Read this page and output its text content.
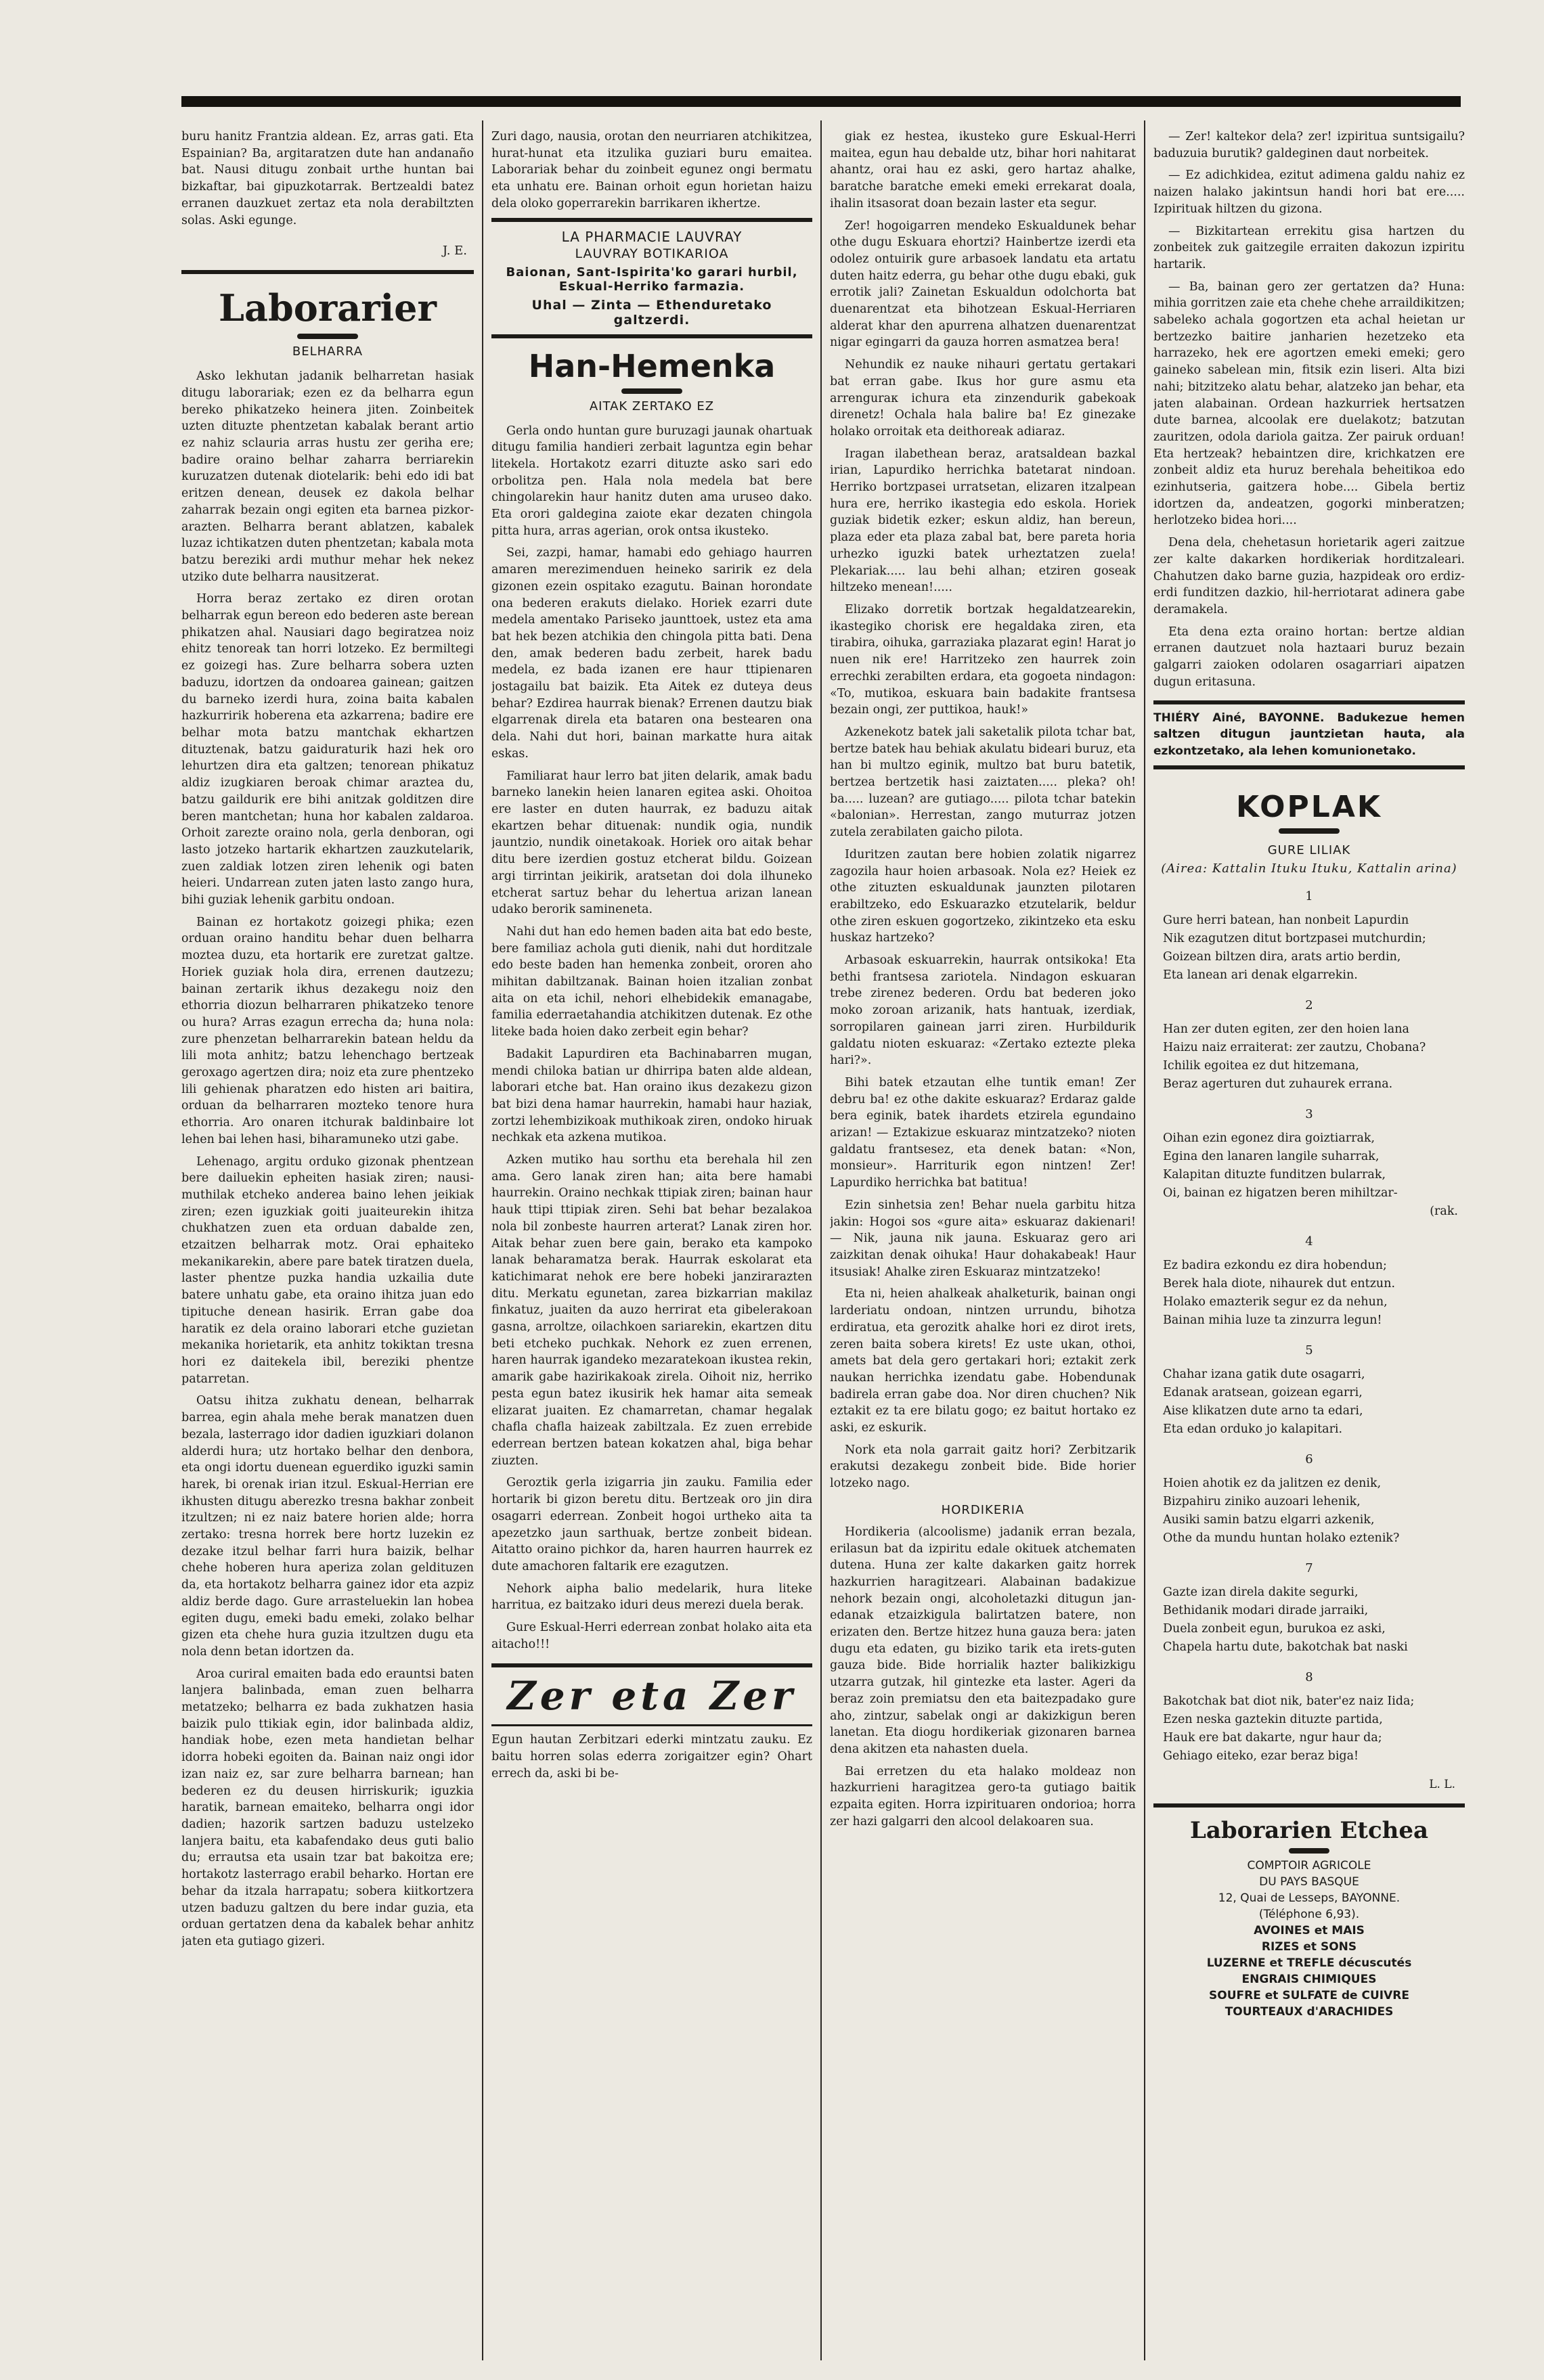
buru hanitz Frantzia aldean. Ez, arras gati. Eta Espainian? Ba, argitaratzen dute han andanaño bat. Nausi ditugu zonbait urthe huntan bai bizkaftar, bai gipuzkotarrak. Bertzealdi batez erranen dauzkuet zertaz eta nola derabiltzten solas. Aski egunge.

J. E.
Laborarier
BELHARRA

Asko lekhutan jadanik belharretan hasiak ditugu laborariak; ezen ez da belharra egun bereko phikatzeko heinera jiten. Zoinbeitek uzten dituzte phentzetan kabalak berant artio ez nahiz sclauria arras hustu zer geriha ere; badire oraino belhar zaharra berriarekin kuruzatzen dutenak diotelarik: behi edo idi bat eritzen denean, deusek ez dakola belhar zaharrak bezain ongi egiten eta barnea pizkor-arazten. Belharra berant ablatzen, kabalek luzaz ichtikatzen duten phentzetan; kabala mota batzu bereziki ardi muthur mehar hek nekez utziko dute belharra nausitzerat.

Horra beraz zertako ez diren orotan belharrak egun bereon edo bederen aste berean phikatzen ahal. Nausiari dago begiratzea noiz ehitz tenoreak tan horri lotzeko. Ez bermiltegi ez goizegi has. Zure belharra sobera uzten baduzu, idortzen da ondoarea gainean; gaitzen du barneko izerdi hura, zoina baita kabalen hazkurririk hoberena eta azkarrena; badire ere belhar mota batzu mantchak ekhartzen dituztenak, batzu gaiduraturik hazi hek oro lehurtzen dira eta galtzen; tenorean phikatuz aldiz izugkiaren beroak chimar araztea du, batzu gaildurik ere bihi anitzak golditzen dire beren mantchetan; huna hor kabalen zaldaroa. Orhoit zarezte oraino nola, gerla denboran, ogi lasto jotzeko hartarik ekhartzen zauzkutelarik, zuen zaldiak lotzen ziren lehenik ogi baten heieri. Undarrean zuten jaten lasto zango hura, bihi guziak lehenik garbitu ondoan.

Bainan ez hortakotz goizegi phika; ezen orduan oraino handitu behar duen belharra moztea duzu, eta hortarik ere zuretzat galtze. Horiek guziak hola dira, errenen dautzezu; bainan zertarik ikhus dezakegu noiz den ethorria diozun belharraren phikatzeko tenore ou hura? Arras ezagun errecha da; huna nola: zure phenzetan belharrarekin batean heldu da lili mota anhitz; batzu lehenchago bertzeak geroxago agertzen dira; noiz eta zure phentzeko lili gehienak pharatzen edo histen ari baitira, orduan da belharraren mozteko tenore hura ethorria. Aro onaren itchurak baldinbaire lot lehen bai lehen hasi, biharamuneko utzi gabe.

Lehenago, argitu orduko gizonak phentzean bere dailuekin epheiten hasiak ziren; nausi-muthilak etcheko anderea baino lehen jeikiak ziren; ezen iguzkiak goiti juaiteurekin ihitza chukhatzen zuen eta orduan dabalde zen, etzaitzen belharrak motz. Orai ephaiteko mekanikarekin, abere pare batek tiratzen duela, laster phentze puzka handia uzkailia dute batere unhatu gabe, eta oraino ihitza juan edo tipituche denean hasirik. Erran gabe doa haratik ez dela oraino laborari etche guzietan mekanika horietarik, eta anhitz tokiktan tresna hori ez daitekela ibil, bereziki phentze patarretan.

Oatsu ihitza zukhatu denean, belharrak barrea, egin ahala mehe berak manatzen duen bezala, lasterrago idor dadien iguzkiari dolanon alderdi hura; utz hortako belhar den denborа, eta ongi idortu duenean eguerdiko iguzki samin harek, bi orenak irian itzul. Eskual-Herrian ere ikhusten ditugu aberezko tresna bakhar zonbeit itzultzen; ni ez naiz batere horien alde; horra zertako: tresna horrek bere hortz luzekin ez dezake itzul belhar farri hura baizik, belhar chehe hoberen hura aperiza zolan geldituzen da, eta hortakotz belharra gainez idor eta azpiz aldiz berde dago. Gure arrasteluekin lan hobea egiten dugu, emeki badu emeki, zolako belhar gizen eta chehe hura guzia itzultzen dugu eta nola denn betan idortzen da.

Aroa curiral emaiten bada edo erauntsi baten lanjera balinbada, eman zuen belharra metatzeko; belharra ez bada zukhatzen hasia baizik pulo ttikiak egin, idor balinbada aldiz, handiak hobe, ezen meta handietan belhar idorra hobeki egoiten da. Bainan naiz ongi idor izan naiz ez, sar zure belharra barnean; han bederen ez du deusen hirriskurik; iguzkia haratik, barnean emaiteko, belharra ongi idor dadien; hazorik sartzen baduzu ustelzeko lanjera baitu, eta kabafendako deus guti balio du; errautsa eta usain tzar bat bakoitza ere; hortakotz lasterrago erabil beharko. Hortan ere behar da itzala harrapatu; sobera kiitkortzera utzen baduzu galtzen du bere indar guzia, eta orduan gertatzen dena da kabalek behar anhitz jaten eta gutiago gizeri.

Zuri dago, nausia, orotan den neurriaren atchikitzea, hurat-hunat eta itzulika guziari buru emaitea. Laborariak behar du zoinbeit egunez ongi bermatu eta unhatu ere. Bainan orhoit egun horietan haizu dela oloko goperrarekin barrikaren ikhertze.

LA PHARMACIE LAUVRAY
LAUVRAY BOTIKARIOA
Baionan, Sant-Ispirita'ko garari hurbil, Eskual-Herriko farmazia.
Uhal — Zinta — Ethenduretako galtzerdi.
Han-Hemenka
AITAK ZERTAKO EZ

Gerla ondo huntan gure buruzagi jaunak ohartuak ditugu familia handieri zerbait laguntza egin behar litekela. Hortakotz ezarri dituzte asko sari edo orbolitza pen. Hala nola medela bat bere chingolarekin haur hanitz duten ama uruseo dako. Eta orori galdegina zaiote ekar dezaten chingola pitta hura, arras agerian, orok ontsa ikusteko.

Sei, zazpi, hamar, hamabi edo gehiago haurren amaren merezimenduen heineko saririk ez dela gizonen ezein ospitako ezagutu. Bainan horondate ona bederen erakuts dielako. Horiek ezarri dute medela amentako Pariseko jaunttoek, ustez eta ama bat hek bezen atchikia den chingola pitta bati. Dena den, amak bederen badu zerbeit, harek badu medela, ez bada izanen ere haur ttipienaren jostagailu bat baizik. Eta Aitek ez duteya deus behar? Ezdirea haurrak bienak? Errenen dautzu biak elgarrenak direla eta bataren ona bestearen ona dela. Nahi dut hori, bainan markatte hura aitak eskas.

Familiarat haur lerro bat jiten delarik, amak badu barnеko lanekin heien lanaren egitea aski. Ohoitoa ere laster en duten haurrak, ez baduzu aitak ekartzen behar dituenak: nundik ogia, nundik jauntzio, nundik oinetakoak. Horiek oro aitak behar ditu bere izerdien gostuz etcherat bildu. Goizean argi tirrintan jeikirik, aratsetan doi dola ilhuneko etcherat sartuz behar du lehertua arizan lanean udako berorik samineneta.

Nahi dut han edo hemen baden aita bat edo beste, bere familiaz acholа guti dienik, nahi dut horditzale edo beste baden han hemenka zonbeit, ororen aho mihitan dabiltzanak. Bainan hoien itzalian zonbat aita on eta ichil, nehori elhebidekik emanagabe, familia ederraetahandia atchikitzen dutenak. Ez othe liteke bada hoien dako zerbeit egin behar?

Badakit Lapurdiren eta Bachinabarren mugan, mendi chiloka batian ur dhirripa baten alde aldean, laborari etche bat. Han oraino ikus dezakezu gizon bat bizi dena hamar haurrekin, hamabi haur haziak, zortzi lehembizikoak muthikoak ziren, ondoko hiruak nechkak eta azkena mutikoa.

Azken mutiko hau sorthu eta berehala hil zen ama. Gero lanak ziren han; aita bere hamabi haurrekin. Oraino nechkak ttipiak ziren; bainan haur hauk ttipi ttipiak ziren. Sehi bat behar bezalakoa nola bil zonbeste haurren arterat? Lanak ziren hor. Aitak behar zuen bere gain, berako eta kampoko lanak beharamatza berak. Haurrak eskolarat eta katichimarat nehok ere bere hobeki janzirarazten ditu. Merkatu egunetan, zarea bizkarrian makilaz finkatuz, juaiten da auzo herrirat eta gibelerakoan gasna, arroltze, oilachkoen sariarekin, ekartzen ditu beti etcheko puchkak. Nehork ez zuen errenen, haren haurrak igandeko mezaratekoan ikustea rekin, amarik gabe hazirikakoak zirela. Oihoit niz, herriko pesta egun batez ikusirik hek hamar aita semeak elizarat juaiten. Ez chamarretan, chamar hegalak chafla chafla haizeak zabiltzala. Ez zuen errebide ederrean bertzen batean kokatzen ahal, biga behar ziuzten.

Geroztik gerla izigarria jin zauku. Familia eder hortarik bi gizon beretu ditu. Bertzeak oro jin dira osagarri ederrean. Zonbeit hogoi urtheko aita ta apezetzko jaun sarthuak, bertze zonbeit bidean. Aitatto oraino pichkor da, haren haurren haurrek ez dute amachoren faltarik ere ezagutzen.

Nehork aipha balio medelarik, hura liteke harritua, ez baitzako iduri deus merezi duela berak.

Gure Eskual-Herri ederrean zonbat holako aita eta aitacho!!!

Zer eta Zer

Egun hautan Zerbitzari ederki mintzatu zauku. Ez baitu horren solas ederra zorigaitzer egin? Ohart errech da, aski bi be-

giak ez hestea, ikusteko gure Eskual-Herri maitea, egun hau debalde utz, bihar hori nahitarat ahantz, orai hau ez aski, gero hartaz ahalke, baratche baratche emeki emeki errekarat doala, ihalin itsasorat doan bezain laster eta segur.

Zer! hogoigarren mendeko Eskualdunek behar othe dugu Eskuara ehortzi? Hainbertze izerdi eta odolez ontuirik gure arbasoek landatu eta artatu duten haitz ederra, gu behar othe dugu ebaki, guk errotik jali? Zainetan Eskualdun odolchorta bat duenarentzat eta bihotzean Eskual-Herriaren alderat khar den apurrena alhatzen duenarentzat nigar egingarri da gauza horren asmatzea bera!

Nehundik ez nauke nihauri gertatu gertakari bat erran gabe. Ikus hor gure asmu eta arrenguraк ichura eta zinzendurik gabekoak direnetz! Ochala hala balire ba! Ez ginezake holako orroitak eta deithoreak adiaraz.

Iragan ilabethean beraz, aratsaldean bazkal irian, Lapurdiko herrichka batetarat nindoan. Herriko bortzpasei urratsetan, elizaren itzalpean hura ere, herriko ikastegia edo eskola. Horiek guziak bidetik ezker; eskun aldiz, han bereun, plaza eder eta plaza zabal bat, bere pareta horia urhezko iguzki batek urheztatzen zuela! Plekariak..... lau behi alhan; etziren goseak hiltzeko menean!.....

Elizako dorretik bortzak hegaldatzearekin, ikastegiko chorisk ere hegaldaka ziren, eta tirabira, oihuka, garraziaka plazarat egin! Harat jo nuen nik ere! Harritzeko zen haurrek zoin errechki zerabilten erdara, eta gogoeta nindagon: «To, mutikoa, eskuara bain badakite frantsesa bezain ongi, zer puttikoa, hauk!»

Azkenekotz batek jali saketalik pilota tchar bat, bertze batek hau behiak akulatu bideari buruz, eta han bi multzo eginik, multzo bat buru batetik, bertzea bertzetik hasi zaiztaten..... pleka? oh! ba..... luzean? are gutiago..... pilota tchar batekin «balonian». Herrestan, zango muturraz jotzen zutela zerabilaten gaicho pilota.

Iduritzen zautan bere hobien zolatik nigarrez zagozila haur hoien arbasoak. Nola ez? Heiek ez othe zituzten eskualdunak jaunzten pilotaren erabiltzeko, edo Eskuarazko etzutelarik, beldur othe ziren eskuen gogortzeko, zikintzeko eta esku huskaz hartzeko?

Arbasoak eskuarrekin, haurrak ontsikoka! Eta bethi frantsesa zariotela. Nindagon eskuaran trebe zirenez bederen. Ordu bat bederen joko moko zoroan arizanik, hats hantuak, izerdiak, sorropilaren gainean jarri ziren. Hurbildurik galdatu nioten eskuaraz: «Zertako eztezte pleka hari?».

Bihi batek etzautan elhe tuntik eman! Zer debru ba! ez othe dakite eskuaraz? Erdaraz galde bera eginik, batek ihardets etzirela egundaino arizan! — Eztakizue eskuaraz mintzatzeko? nioten galdatu frantsesez, eta denek batan: «Non, monsieur». Harriturik egon nintzen! Zer! Lapurdiko herrichka bat batitua!

Ezin sinhetsia zen! Behar nuela garbitu hitza jakin: Hogoi sos «gure aita» eskuaraz dakienari! — Nik, jauna nik jauna. Eskuaraz gero ari zaizkitan denak oihuka! Haur dohakabeak! Haur itsusiak! Ahalke ziren Eskuaraz mintzatzeko!

Eta ni, heien ahalkeak ahalketurik, bainan ongi larderiatu ondoan, nintzen urrundu, bihotza erdiratua, eta gerozitk ahalke hori ez dirot irets, zeren baita soberа kirets! Ez uste ukan, othoi, amets bat dela gero gertakari hori; eztakit zerk naukan herrichka izendatu gabe. Hobendunak badirela erran gabe doa. Nor diren chuchen? Nik eztakit ez ta ere bilatu gogo; ez baitut hortako ez aski, ez eskurik.

Nork eta nola garrait gaitz hori? Zerbitzarik erakutsi dezakegu zonbeit bide. Bide horier lotzeko nago.

HORDIKERIA

Hordikeria (alcoolisme) jadanik erran bezala, erilasun bat da izpiritu edale okituek atchematen dutena. Huna zer kalte dakarken gaitz horrek hazkurrien haragitzeari. Alabainan badakizue nehork bezain ongi, alcoholetazki ditugun jan-edanak etzaizkigula balirtatzen batere, non erizaten den. Bertze hitzez huna gauza bera: jaten dugu eta edaten, gu biziko tarik eta irets-guten gauza bide. Bide horrialik hazter balikizkigu utzarra gutzak, hil gintezke eta laster. Ageri da beraz zoin premiatsu den eta baitezpadako gure aho, zintzur, sabelak ongi ar dakizkigun beren lanetan. Eta diogu hordikeriak gizonaren barnea dena akitzen eta nahasten duela.

Bai erretzen du eta halako moldeaz non hazkurrieni haragitzea gero-ta gutiago baitik ezpaita egiten. Horra izpirituaren ondorioa; horra zer hazi galgarri den alcool delakoaren sua.

— Zer! kaltekor dela? zer! izpiritua suntsigailu? baduzuia burutik? galdeginen daut norbeitek.

— Ez adichkidea, ezitut adimena galdu nahiz ez naizen halako jakintsun handi hori bat ere..... Izpirituak hiltzen du gizona.

— Bizkitartean errekitu gisa hartzen du zonbeitek zuk gaitzegile erraiten dakozun izpiritu hartarik.

— Ba, bainan gero zer gertatzen da? Huna: mihia gorritzen zaie eta chehe chehe arraildikitzen; sabeleko achala gogortzen eta achal heietan ur bertzezko baitire janharien hezetzeko eta harrazeko, hek ere agortzen emeki emeki; gero gaineko sabelean min, fitsik ezin liseri. Alta bizi nahi; bitzitzeko alatu behar, alatzeko jan behar, eta jaten alabainan. Ordean hazkurriek hertsatzen dute barnea, alcoolak ere duelakotz; batzutan zauritzen, odola dariola gaitza. Zer pairuk orduan! Eta hertzeak? hebaintzen dire, krichkatzen ere zonbeit aldiz eta huruz berehala beheitikoa edo ezinhutseria, gaitzera hobe.... Gibela bertiz idortzen da, andeatzen, gogorki minberatzen; herlotzeko bidea hori....

Dena dela, chehetasun horietarik ageri zaitzue zer kalte dakarken hordikeriak horditzaleari. Chahutzen dako barne guzia, hazpideak oro erdiz-erdi funditzen dazkio, hil-herriotarat adinera gabe deramakela.

Eta dena ezta oraino hortan: bertze aldian erranen dautzuet nola haztaari buruz bezain galgarri zaioken odolaren osagarriari aipatzen dugun eritasuna.

THIÉRY Ainé, BAYONNE. Badukezue hemen saltzen ditugun jauntzietan hauta, ala ezkontzetako, ala lehen komunionetako.

KOPLAK
GURE LILIAK
(Airea: Kattalin Ituku Ituku, Kattalin arina)
1
Gure herri batean, han nonbeit Lapurdin
Nik ezagutzen ditut bortzpasei mutchurdin;
Goizean biltzen dira, arats artio berdin,
Eta lanean ari denak elgarrekin.
2
Han zer duten egiten, zer den hoien lana
Haizu naiz erraiterat: zer zautzu, Chobana?
Ichilik egoitea ez dut hitzemana,
Beraz agerturen dut zuhaurek errana.
3
Oihan ezin egonez dira goiztiarrak,
Egina den lanaren langile suharrak,
Kalapitan dituzte funditzen bularrak,
Oi, bainan ez higatzen beren mihiltzar-
(rak.
4
Ez badira ezkondu ez dira hobendun;
Berek hala diote, nihaurek dut entzun.
Holako emazterik segur ez da nehun,
Bainan mihia luze ta zinzurra legun!
5
Chahar izana gatik dute osagarri,
Edanak aratsean, goizean egarri,
Aise klikatzen dute arno ta edari,
Eta edan orduko jo kalapitari.
6
Hoien ahotik ez da jalitzen ez denik,
Bizpahiru ziniko auzoari lehenik,
Ausiki samin batzu elgarri azkenik,
Othe da mundu huntan holako eztenik?
7
Gazte izan direla dakite segurki,
Bethidanik modari dirade jarraiki,
Duela zonbeit egun, burukoa ez aski,
Chapela hartu dute, bakotchak bat naski
8
Bakotchak bat diot nik, bater'ez naiz Iida;
Ezen neska gaztekin dituzte partida,
Hauk ere bat dakarte, ngur haur da;
Gehiago eiteko, ezar beraz biga!
L. L.
Laborarien Etchea
COMPTOIR AGRICOLE
DU PAYS BASQUE
12, Quai de Lesseps, BAYONNE.
(Téléphone 6,93).
AVOINES et MAIS
RIZES et SONS
LUZERNE et TREFLE décuscutés
ENGRAIS CHIMIQUES
SOUFRE et SULFATE de CUIVRE
TOURTEAUX d'ARACHIDES
